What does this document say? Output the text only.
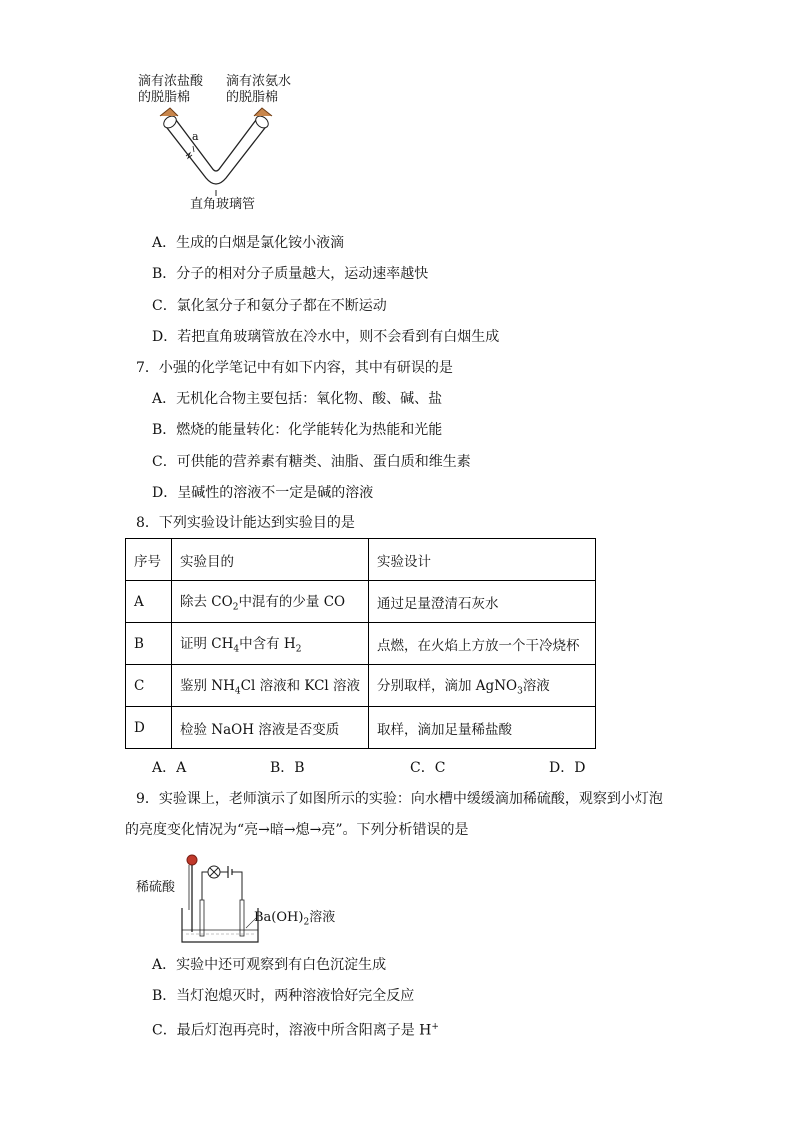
滴有浓盐酸
的脱脂棉
滴有浓氨水
的脱脂棉
a
直角玻璃管
A．生成的白烟是氯化铵小液滴
B．分子的相对分子质量越大，运动速率越快
C．氯化氢分子和氨分子都在不断运动
D．若把直角玻璃管放在冷水中，则不会看到有白烟生成
7．小强的化学笔记中有如下内容，其中有研误的是
A．无机化合物主要包括：氧化物、酸、碱、盐
B．燃烧的能量转化：化学能转化为热能和光能
C．可供能的营养素有糖类、油脂、蛋白质和维生素
D．呈碱性的溶液不一定是碱的溶液
8．下列实验设计能达到实验目的是
序号	实验目的	实验设计
A	除去 $CO_2$中混有的少量 CO	通过足量澄清石灰水
B	证明 $CH_4$中含有 $H_2$	点燃，在火焰上方放一个干冷烧杯
C	鉴别 $NH_4Cl$ 溶液和 KCl 溶液	分别取样，滴加 AgNO$_3$溶液
D	检验 NaOH 溶液是否变质	取样，滴加足量稀盐酸
A．A	B．B	C．C	D．D
9．实验课上，老师演示了如图所示的实验：向水槽中缓缓滴加稀硫酸，观察到小灯泡
的亮度变化情况为“亮→暗→熄→亮”。下列分析错误的是
稀硫酸
$Ba(OH)_2$溶液
A．实验中还可观察到有白色沉淀生成
B．当灯泡熄灭时，两种溶液恰好完全反应
C．最后灯泡再亮时，溶液中所含阳离子是 H+
